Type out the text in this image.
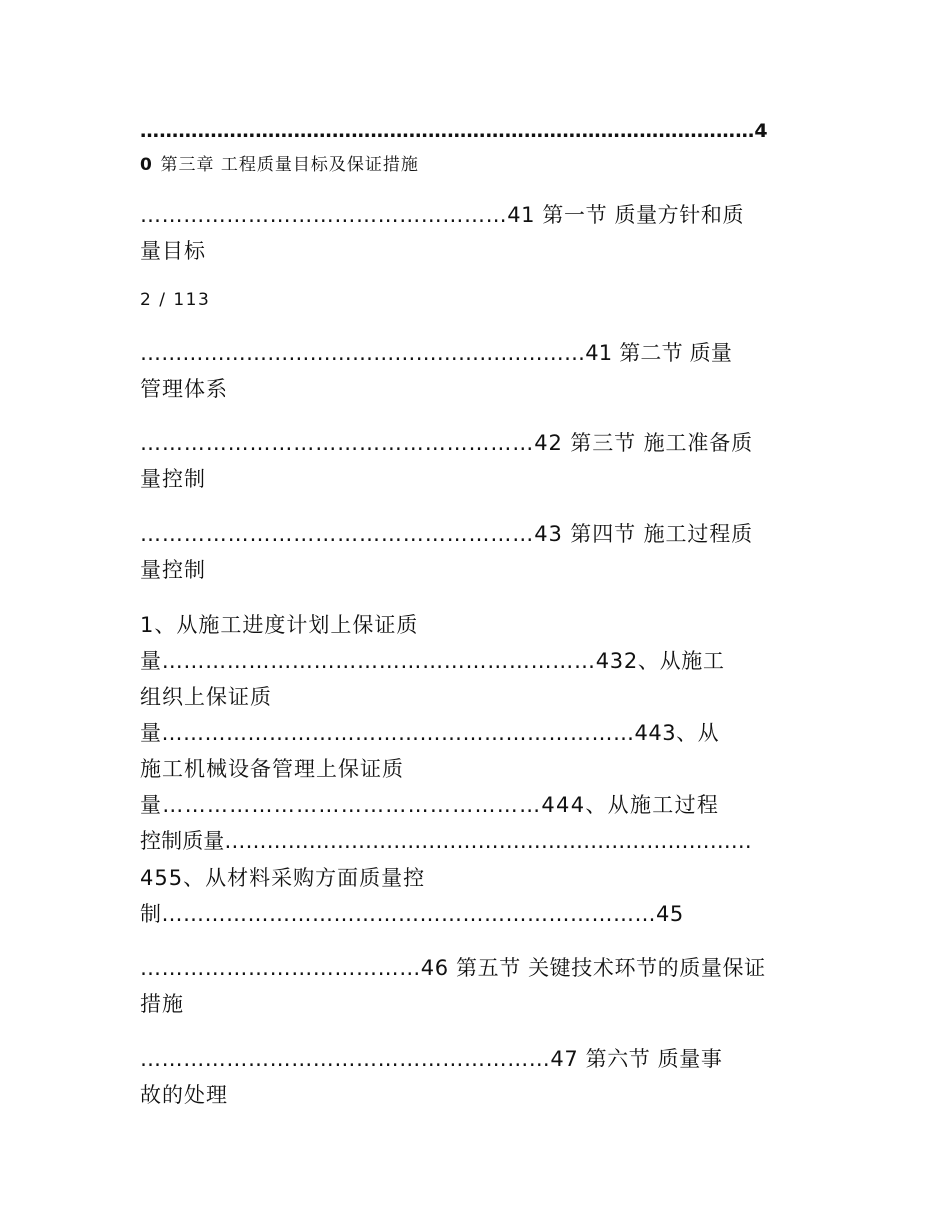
……………………………………………………………………………………4
0 第三章 工程质量目标及保证措施
……………………………………………41 第一节 质量方针和质
量目标
2 / 113
………………………………………………………41 第二节 质量
管理体系
………………………………………………42 第三节 施工准备质
量控制
………………………………………………43 第四节 施工过程质
量控制
1、从施工进度计划上保证质
量……………………………………………………432、从施工
组织上保证质
量…………………………………………………………443、从
施工机械设备管理上保证质
量……………………………………………444、从施工过程
控制质量…………………………………………………………………
455、从材料采购方面质量控
制……………………………………………………………45
…………………………………46 第五节 关键技术环节的质量保证
措施
…………………………………………………47 第六节 质量事
故的处理
